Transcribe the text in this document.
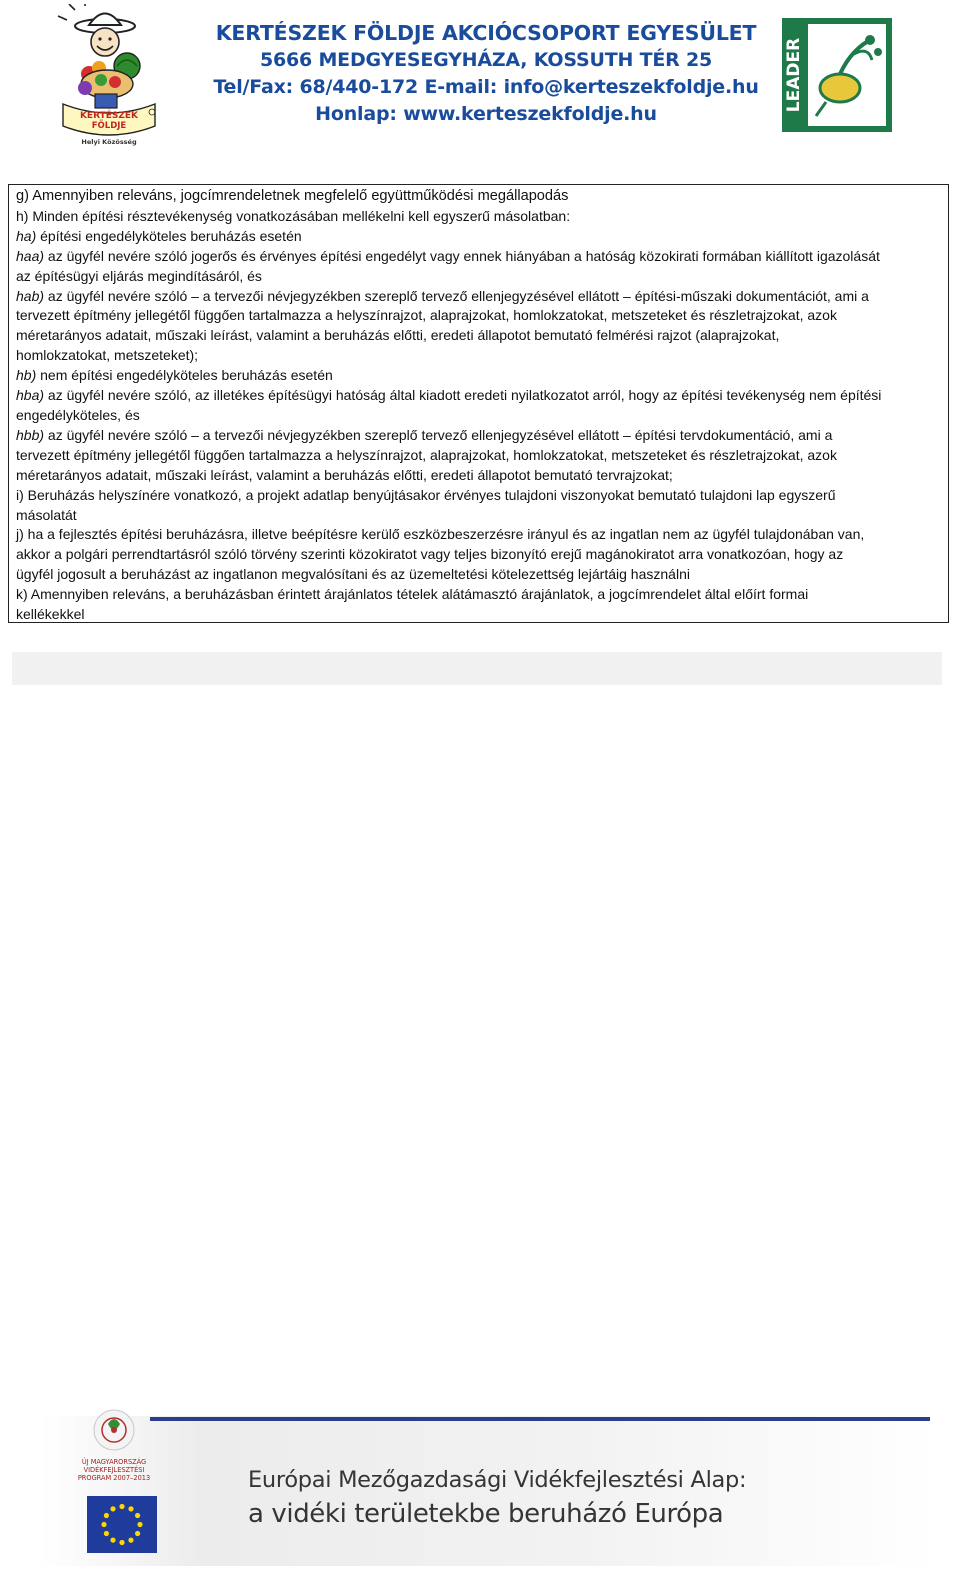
KERTÉSZEK
FÖLDJE
Helyi Közösség
KERTÉSZEK FÖLDJE AKCIÓCSOPORT EGYESÜLET
5666 MEDGYESEGYHÁZA, KOSSUTH TÉR 25
Tel/Fax: 68/440-172 E-mail: info@kerteszekfoldje.hu
Honlap: www.kerteszekfoldje.hu
LEADER

g) Amennyiben releváns, jogcímrendeletnek megfelelő együttműködési megállapodás

h) Minden építési résztevékenység vonatkozásában mellékelni kell egyszerű másolatban:

ha) építési engedélyköteles beruházás esetén

haa) az ügyfél nevére szóló jogerős és érvényes építési engedélyt vagy ennek hiányában a hatóság közokirati formában kiállított igazolását

az építésügyi eljárás megindításáról, és

hab) az ügyfél nevére szóló – a tervezői névjegyzékben szereplő tervező ellenjegyzésével ellátott – építési-műszaki dokumentációt, ami a

tervezett építmény jellegétől függően tartalmazza a helyszínrajzot, alaprajzokat, homlokzatokat, metszeteket és részletrajzokat, azok

méretarányos adatait, műszaki leírást, valamint a beruházás előtti, eredeti állapotot bemutató felmérési rajzot (alaprajzokat,

homlokzatokat, metszeteket);

hb) nem építési engedélyköteles beruházás esetén

hba) az ügyfél nevére szóló, az illetékes építésügyi hatóság által kiadott eredeti nyilatkozatot arról, hogy az építési tevékenység nem építési

engedélyköteles, és

hbb) az ügyfél nevére szóló – a tervezői névjegyzékben szereplő tervező ellenjegyzésével ellátott – építési tervdokumentáció, ami a

tervezett építmény jellegétől függően tartalmazza a helyszínrajzot, alaprajzokat, homlokzatokat, metszeteket és részletrajzokat, azok

méretarányos adatait, műszaki leírást, valamint a beruházás előtti, eredeti állapotot bemutató tervrajzokat;

i) Beruházás helyszínére vonatkozó, a projekt adatlap benyújtásakor érvényes tulajdoni viszonyokat bemutató tulajdoni lap egyszerű

másolatát

j) ha a fejlesztés építési beruházásra, illetve beépítésre kerülő eszközbeszerzésre irányul és az ingatlan nem az ügyfél tulajdonában van,

akkor a polgári perrendtartásról szóló törvény szerinti közokiratot vagy teljes bizonyító erejű magánokiratot arra vonatkozóan, hogy az

ügyfél jogosult a beruházást az ingatlanon megvalósítani és az üzemeltetési kötelezettség lejártáig használni

k) Amennyiben releváns, a beruházásban érintett árajánlatos tételek alátámasztó árajánlatok, a jogcímrendelet által előírt formai

kellékekkel

ÚJ MAGYARORSZÁG VIDÉKFEJLESZTÉSI PROGRAM 2007–2013	Európai Mezőgazdasági Vidékfejlesztési Alap:
a vidéki területekbe beruházó Európa
